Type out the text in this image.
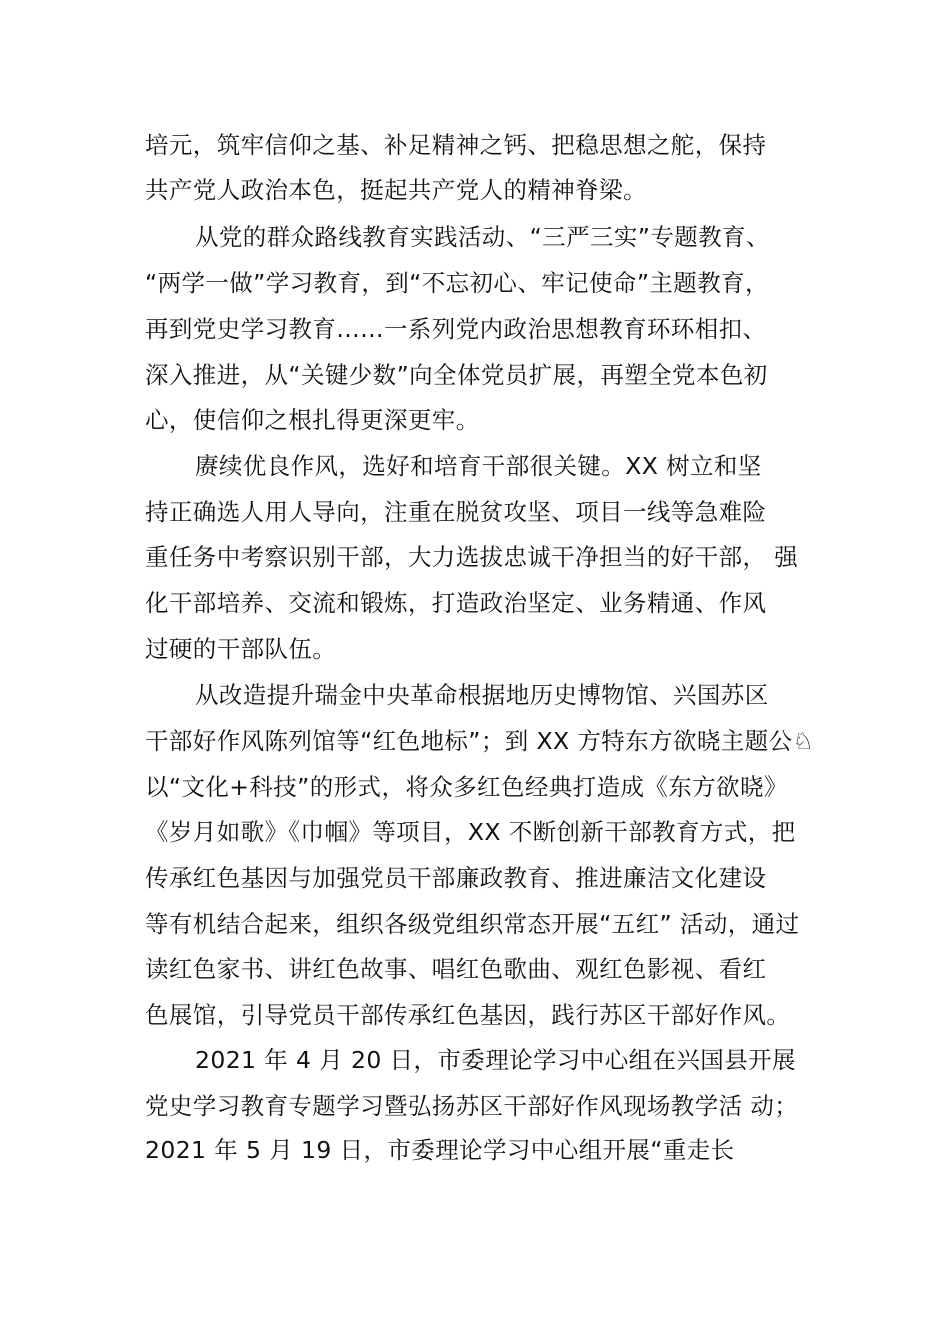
培元，筑牢信仰之基、补足精神之钙、把稳思想之舵，保持
共产党人政治本色，挺起共产党人的精神脊梁。
从党的群众路线教育实践活动、“三严三实”专题教育、
“两学一做”学习教育，到“不忘初心、牢记使命”主题教育，
再到党史学习教育……一系列党内政治思想教育环环相扣、
深入推进，从“关键少数”向全体党员扩展，再塑全党本色初
心，使信仰之根扎得更深更牢。
赓续优良作风，选好和培育干部很关键。XX 树立和坚
持正确选人用人导向，注重在脱贫攻坚、项目一线等急难险
重任务中考察识别干部，大力选拔忠诚干净担当的好干部， 强
化干部培养、交流和锻炼，打造政治坚定、业务精通、作风
过硬的干部队伍。
从改造提升瑞金中央革命根据地历史博物馆、兴国苏区
干部好作风陈列馆等“红色地标”；到 XX 方特东方欲晓主题公♘
以“文化+科技”的形式，将众多红色经典打造成《东方欲晓》
《岁月如歌》《巾帼》等项目，XX 不断创新干部教育方式，把
传承红色基因与加强党员干部廉政教育、推进廉洁文化建设
等有机结合起来，组织各级党组织常态开展“五红” 活动，通过
读红色家书、讲红色故事、唱红色歌曲、观红色影视、看红
色展馆，引导党员干部传承红色基因，践行苏区干部好作风。
2021 年 4 月 20 日，市委理论学习中心组在兴国县开展
党史学习教育专题学习暨弘扬苏区干部好作风现场教学活 动；
2021 年 5 月 19 日，市委理论学习中心组开展“重走长
